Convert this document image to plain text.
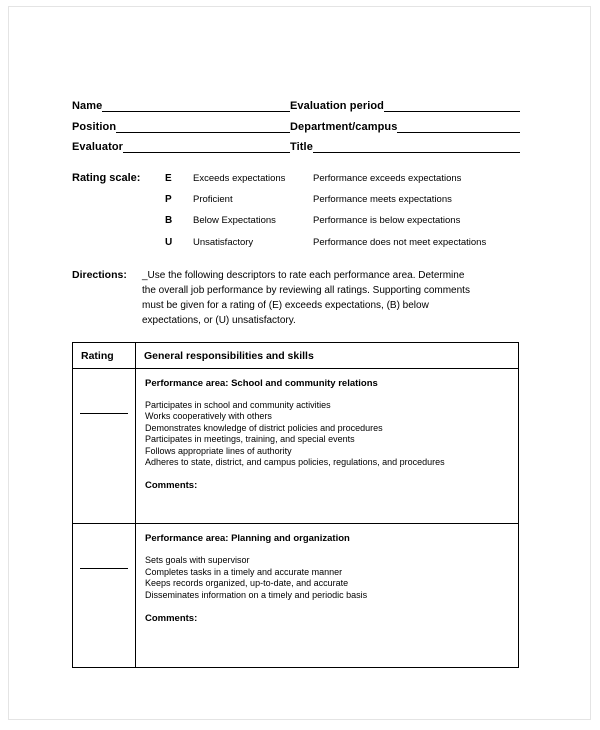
Name	Evaluation period
Position	Department/campus
Evaluator	Title
Rating scale:	E	Exceeds expectations	Performance exceeds expectations
P	Proficient	Performance meets expectations
B	Below Expectations	Performance is below expectations
U	Unsatisfactory	Performance does not meet expectations
Directions:	_Use the following descriptors to rate each performance area. Determine
the overall job performance by reviewing all ratings. Supporting comments
must be given for a rating of (E) exceeds expectations, (B) below
expectations, or (U) unsatisfactory.
Rating	General responsibilities and skills
Performance area: School and community relations
Participates in school and community activities
Works cooperatively with others
Demonstrates knowledge of district policies and procedures
Participates in meetings, training, and special events
Follows appropriate lines of authority
Adheres to state, district, and campus policies, regulations, and procedures
Comments:
Performance area: Planning and organization
Sets goals with supervisor
Completes tasks in a timely and accurate manner
Keeps records organized, up-to-date, and accurate
Disseminates information on a timely and periodic basis
Comments:
